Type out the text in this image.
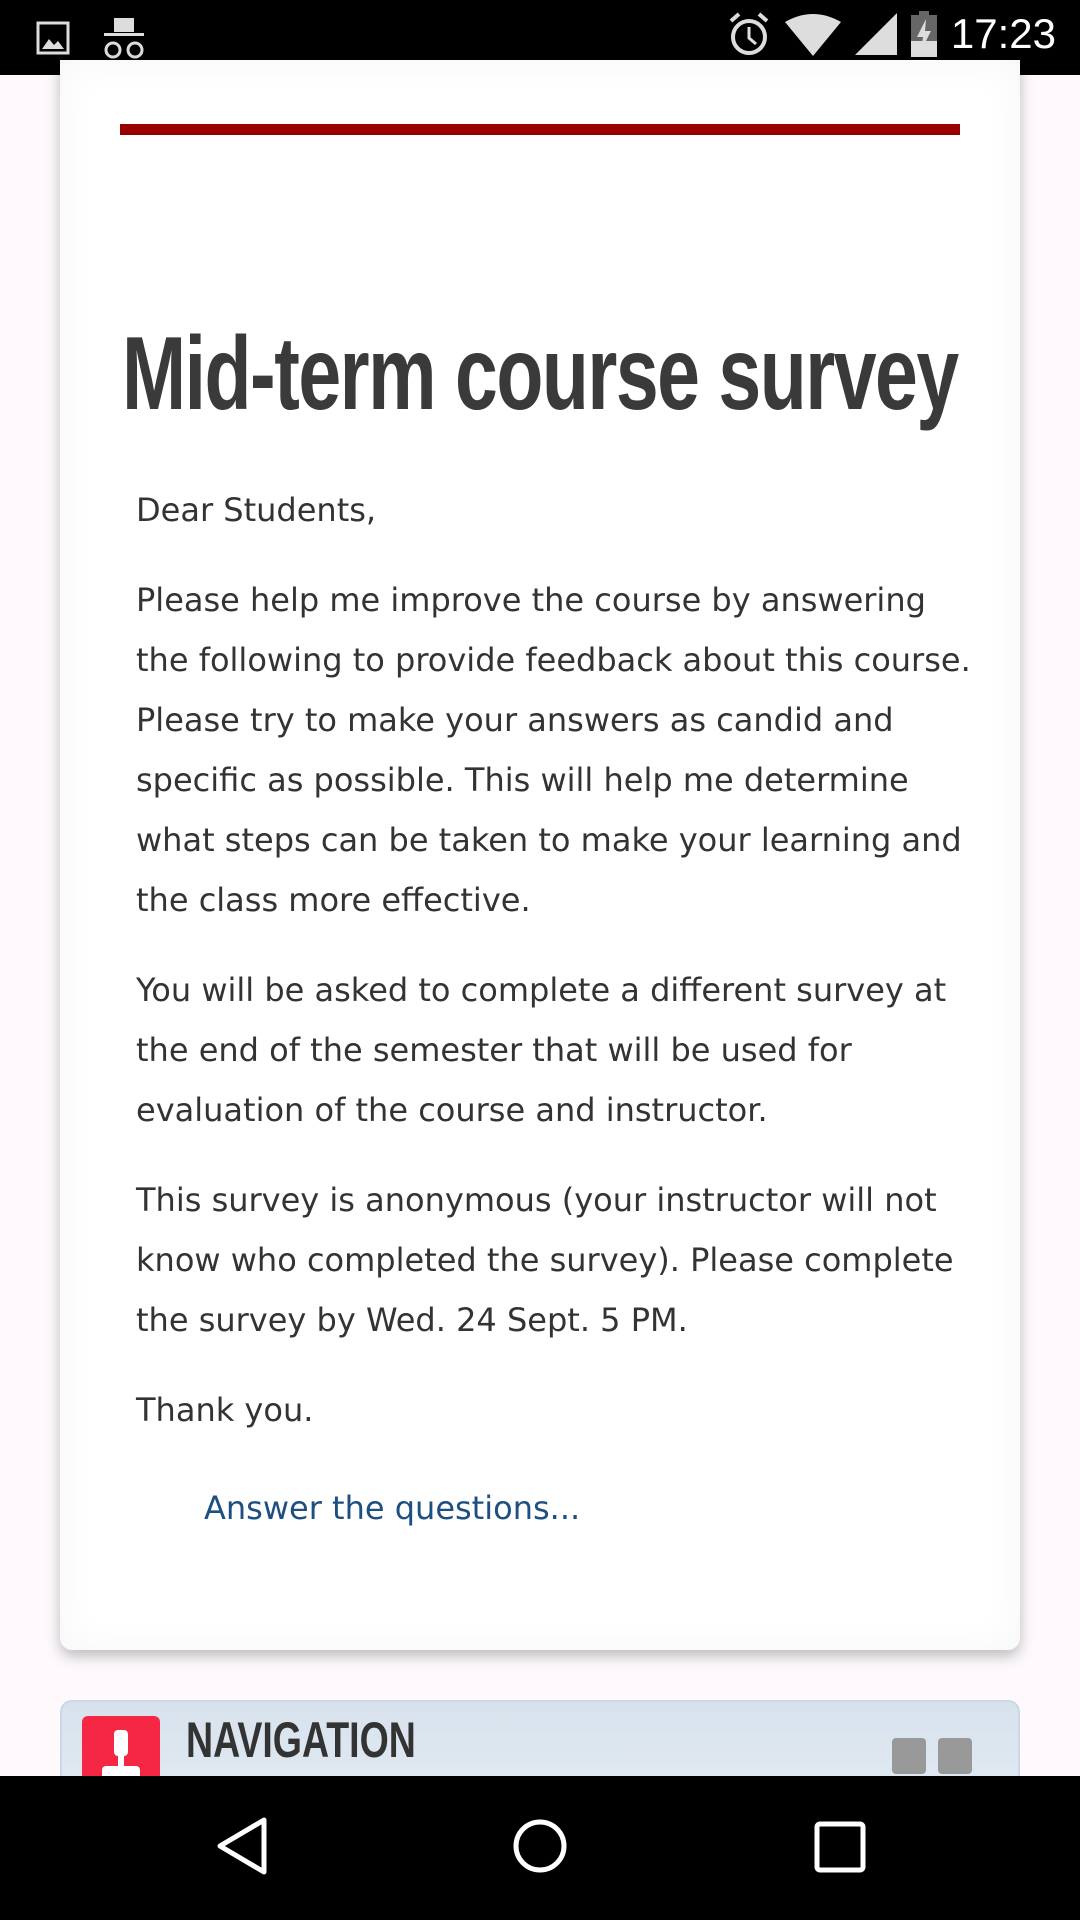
17:23
Mid-term course survey

Dear Students,

Please help me improve the course by answering the following to provide feedback about this course. Please try to make your answers as candid and specific as possible. This will help me determine what steps can be taken to make your learning and the class more effective.

You will be asked to complete a different survey at the end of the semester that will be used for evaluation of the course and instructor.

This survey is anonymous (your instructor will not know who completed the survey). Please complete the survey by Wed. 24 Sept. 5 PM.

Thank you.

Answer the questions...
NAVIGATION
